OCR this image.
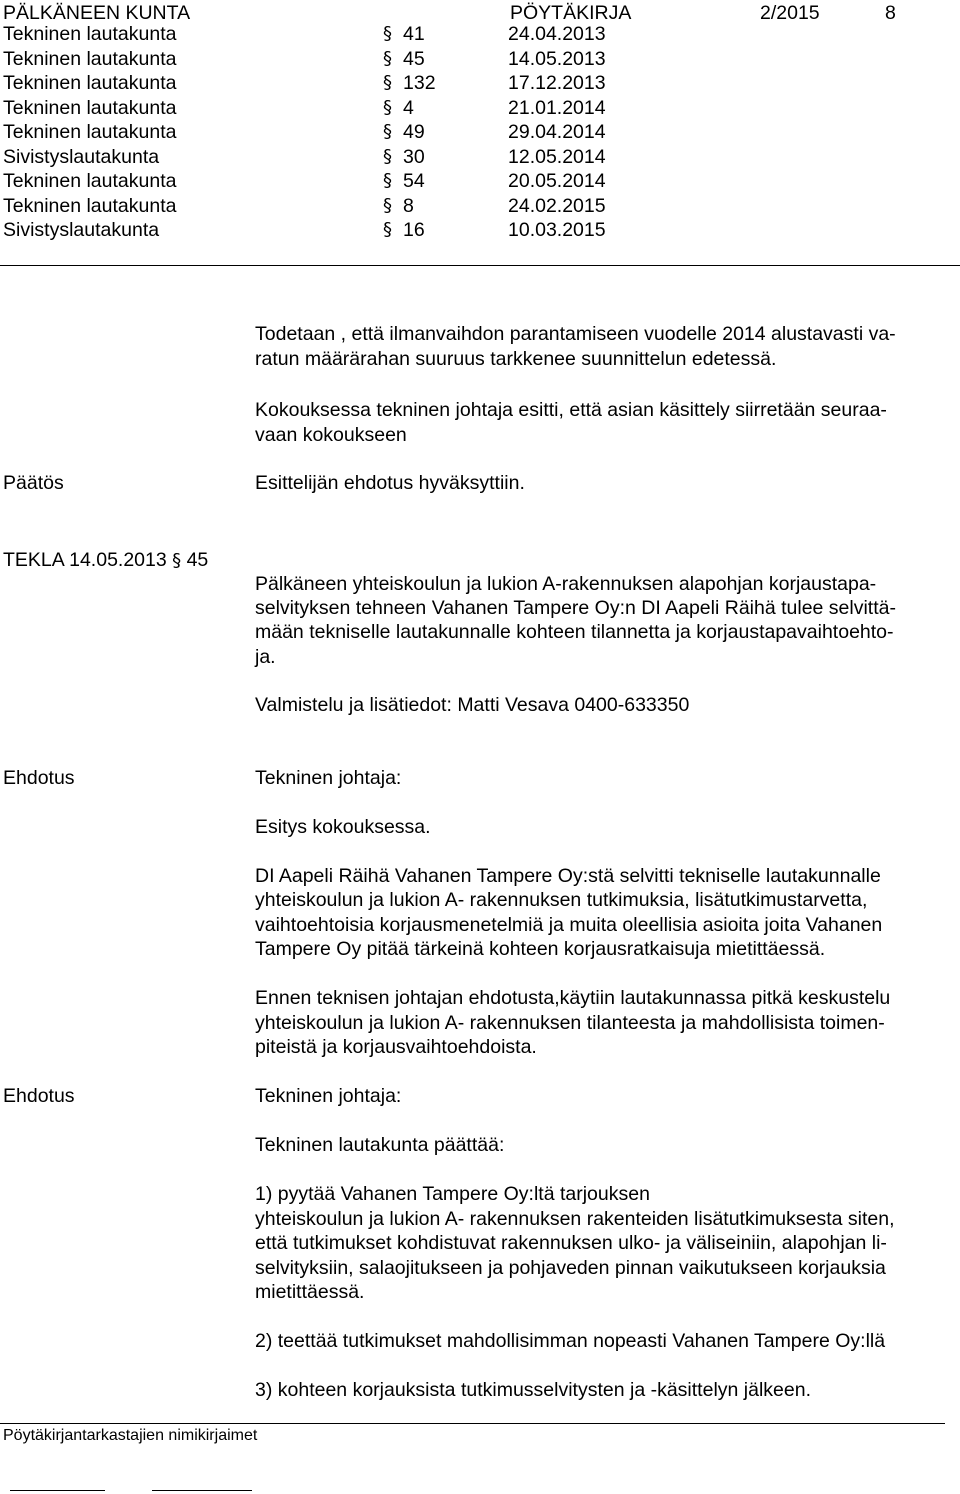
PÄLKÄNEEN KUNTA	PÖYTÄKIRJA	2/2015	8
Tekninen lautakunta	§ 41	24.04.2013
Tekninen lautakunta	§ 45	14.05.2013
Tekninen lautakunta	§ 132	17.12.2013
Tekninen lautakunta	§ 4	21.01.2014
Tekninen lautakunta	§ 49	29.04.2014
Sivistyslautakunta	§ 30	12.05.2014
Tekninen lautakunta	§ 54	20.05.2014
Tekninen lautakunta	§ 8	24.02.2015
Sivistyslautakunta	§ 16	10.03.2015
Todetaan , että ilmanvaihdon parantamiseen vuodelle 2014 alustavasti va-
ratun määrärahan suuruus tarkkenee suunnittelun edetessä.
Kokouksessa tekninen johtaja esitti, että asian käsittely siirretään seuraa-
vaan kokoukseen
Päätös	Esittelijän ehdotus hyväksyttiin.
TEKLA 14.05.2013 § 45
Pälkäneen yhteiskoulun ja lukion A-rakennuksen alapohjan korjaustapa-
selvityksen tehneen Vahanen Tampere Oy:n DI Aapeli Räihä tulee selvittä-
mään tekniselle lautakunnalle kohteen tilannetta ja korjaustapavaihtoehto-
ja.
Valmistelu ja lisätiedot: Matti Vesava 0400-633350
Ehdotus	Tekninen johtaja:
Esitys kokouksessa.
DI Aapeli Räihä Vahanen Tampere Oy:stä selvitti tekniselle lautakunnalle
yhteiskoulun ja lukion A- rakennuksen tutkimuksia, lisätutkimustarvetta,
vaihtoehtoisia korjausmenetelmiä ja muita oleellisia asioita joita Vahanen
Tampere Oy pitää tärkeinä kohteen korjausratkaisuja mietittäessä.
Ennen teknisen johtajan ehdotusta,käytiin lautakunnassa pitkä keskustelu
yhteiskoulun ja lukion A- rakennuksen tilanteesta ja mahdollisista toimen-
piteistä ja korjausvaihtoehdoista.
Ehdotus	Tekninen johtaja:
Tekninen lautakunta päättää:
1) pyytää Vahanen Tampere Oy:ltä tarjouksen
yhteiskoulun ja lukion A- rakennuksen rakenteiden lisätutkimuksesta siten,
että tutkimukset kohdistuvat rakennuksen ulko- ja väliseiniin, alapohjan li-
selvityksiin, salaojitukseen ja pohjaveden pinnan vaikutukseen korjauksia
mietittäessä.
2) teettää tutkimukset mahdollisimman nopeasti Vahanen Tampere Oy:llä
3) kohteen korjauksista tutkimusselvitysten ja -käsittelyn jälkeen.
Pöytäkirjantarkastajien nimikirjaimet
